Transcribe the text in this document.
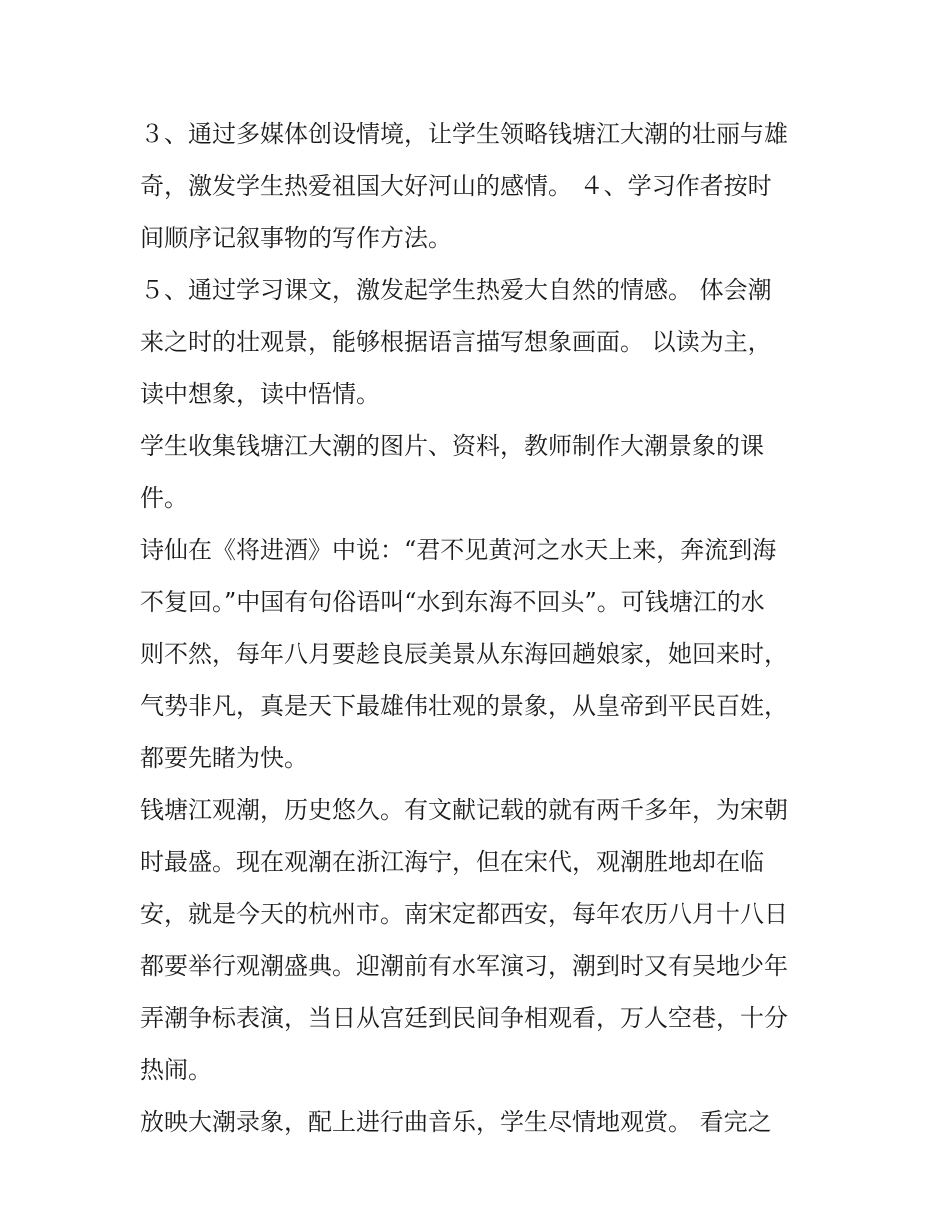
３、通过多媒体创设情境，让学生领略钱塘江大潮的壮丽与雄
奇，激发学生热爱祖国大好河山的感情。 ４、学习作者按时
间顺序记叙事物的写作方法。
５、通过学习课文，激发起学生热爱大自然的情感。 体会潮
来之时的壮观景，能够根据语言描写想象画面。 以读为主，
读中想象，读中悟情。
学生收集钱塘江大潮的图片、资料，教师制作大潮景象的课
件。
诗仙在《将进酒》中说：“君不见黄河之水天上来，奔流到海
不复回。”中国有句俗语叫“水到东海不回头”。可钱塘江的水
则不然，每年八月要趁良辰美景从东海回趟娘家，她回来时，
气势非凡，真是天下最雄伟壮观的景象，从皇帝到平民百姓，
都要先睹为快。
钱塘江观潮，历史悠久。有文献记载的就有两千多年，为宋朝
时最盛。现在观潮在浙江海宁，但在宋代，观潮胜地却在临
安，就是今天的杭州市。南宋定都西安，每年农历八月十八日
都要举行观潮盛典。迎潮前有水军演习，潮到时又有吴地少年
弄潮争标表演，当日从宫廷到民间争相观看，万人空巷，十分
热闹。
放映大潮录象，配上进行曲音乐，学生尽情地观赏。 看完之
